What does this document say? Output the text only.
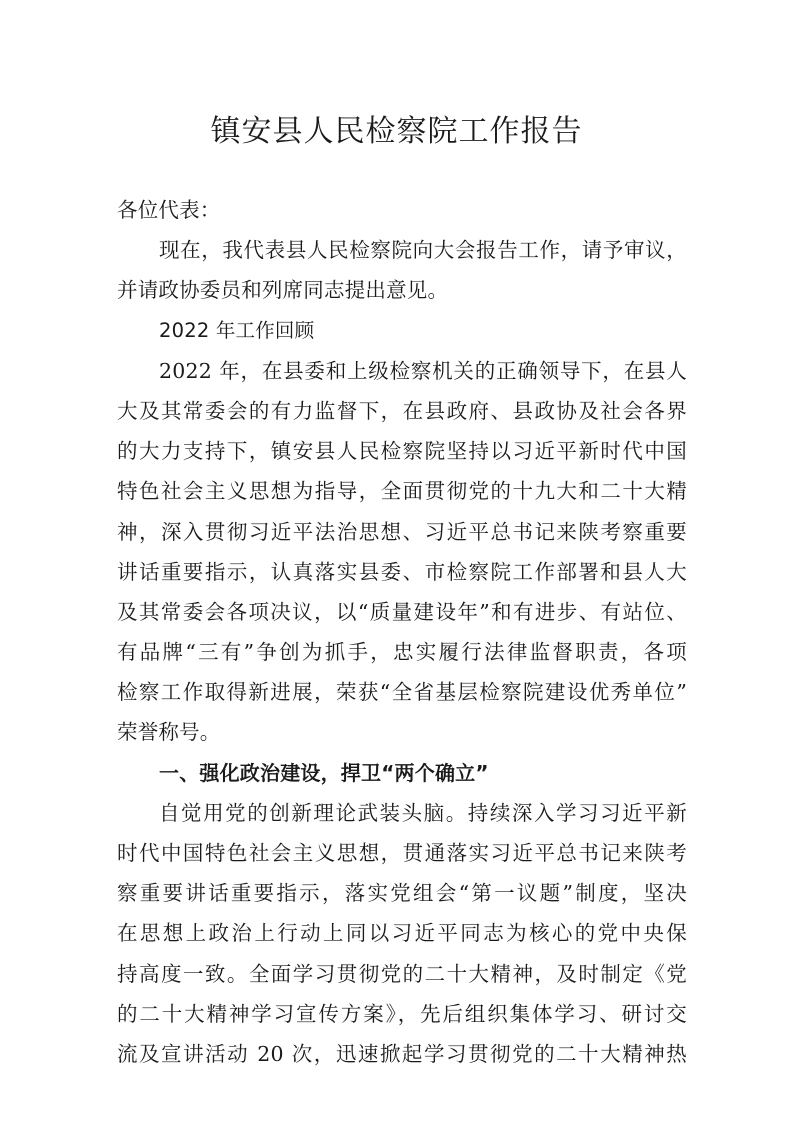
镇安县人民检察院工作报告
各位代表：
现在，我代表县人民检察院向大会报告工作，请予审议，
并请政协委员和列席同志提出意见。
2022 年工作回顾
2022 年，在县委和上级检察机关的正确领导下，在县人
大及其常委会的有力监督下，在县政府、县政协及社会各界
的大力支持下，镇安县人民检察院坚持以习近平新时代中国
特色社会主义思想为指导，全面贯彻党的十九大和二十大精
神，深入贯彻习近平法治思想、习近平总书记来陕考察重要
讲话重要指示，认真落实县委、市检察院工作部署和县人大
及其常委会各项决议，以“质量建设年”和有进步、有站位、
有品牌“三有”争创为抓手，忠实履行法律监督职责，各项
检察工作取得新进展，荣获“全省基层检察院建设优秀单位”
荣誉称号。
一、强化政治建设，捍卫“两个确立”
自觉用党的创新理论武装头脑。持续深入学习习近平新
时代中国特色社会主义思想，贯通落实习近平总书记来陕考
察重要讲话重要指示，落实党组会“第一议题”制度，坚决
在思想上政治上行动上同以习近平同志为核心的党中央保
持高度一致。全面学习贯彻党的二十大精神，及时制定《党
的二十大精神学习宣传方案》，先后组织集体学习、研讨交
流及宣讲活动 20 次，迅速掀起学习贯彻党的二十大精神热
